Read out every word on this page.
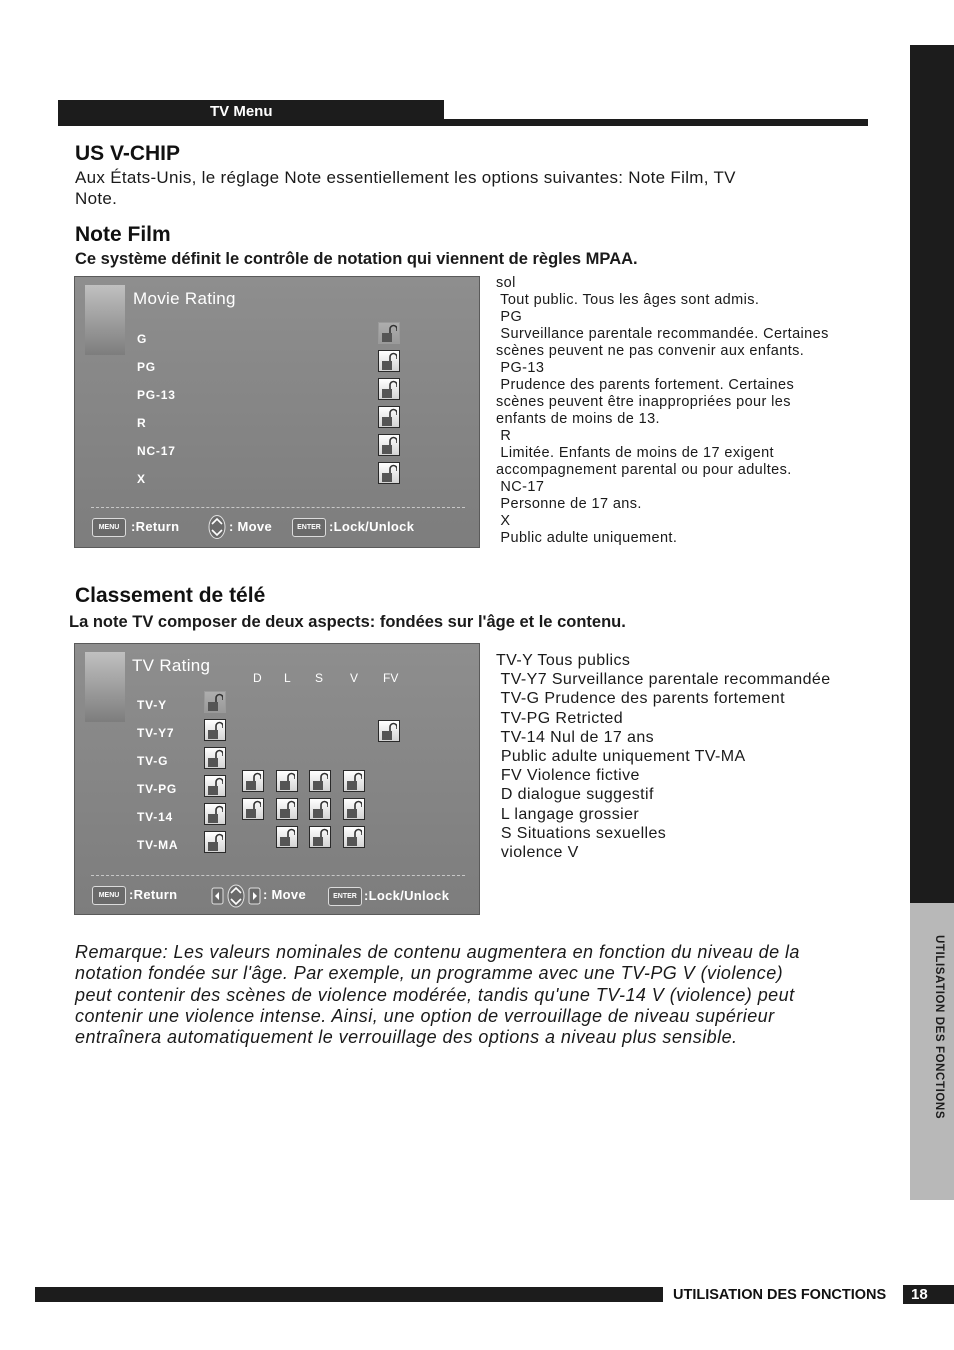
TV Menu
UTILISATION DES FONCTIONS
US V-CHIP
Aux États-Unis, le réglage Note essentiellement les options suivantes: Note Film, TV
Note.
Note Film
Ce système définit le contrôle de notation qui viennent de règles MPAA.
Movie Rating
MENU :Return	: Move	ENTER :Lock/Unlock
G
PG
PG-13
R
NC-17
X
sol
Tout public. Tous les âges sont admis.
PG
Surveillance parentale recommandée. Certaines
scènes peuvent ne pas convenir aux enfants.
PG-13
Prudence des parents fortement. Certaines
scènes peuvent être inappropriées pour les
enfants de moins de 13.
R
Limitée. Enfants de moins de 17 exigent
accompagnement parental ou pour adultes.
NC-17
Personne de 17 ans.
X
Public adulte uniquement.
Classement de télé
La note TV composer de deux aspects: fondées sur l'âge et le contenu.
TV Rating
MENU :Return	: Move	ENTER :Lock/Unlock
D L S V FV
TV-Y
TV-Y7
TV-G
TV-PG
TV-14
TV-MA
TV-Y Tous publics
TV-Y7 Surveillance parentale recommandée
TV-G Prudence des parents fortement
TV-PG Retricted
TV-14 Nul de 17 ans
Public adulte uniquement TV-MA
FV Violence fictive
D dialogue suggestif
L langage grossier
S Situations sexuelles
violence V
Remarque: Les valeurs nominales de contenu augmentera en fonction du niveau de la
notation fondée sur l'âge. Par exemple, un programme avec une TV-PG V (violence)
peut contenir des scènes de violence modérée, tandis qu'une TV-14 V (violence) peut
contenir une violence intense. Ainsi, une option de verrouillage de niveau supérieur
entraînera automatiquement le verrouillage des options a niveau plus sensible.
UTILISATION DES FONCTIONS	18
